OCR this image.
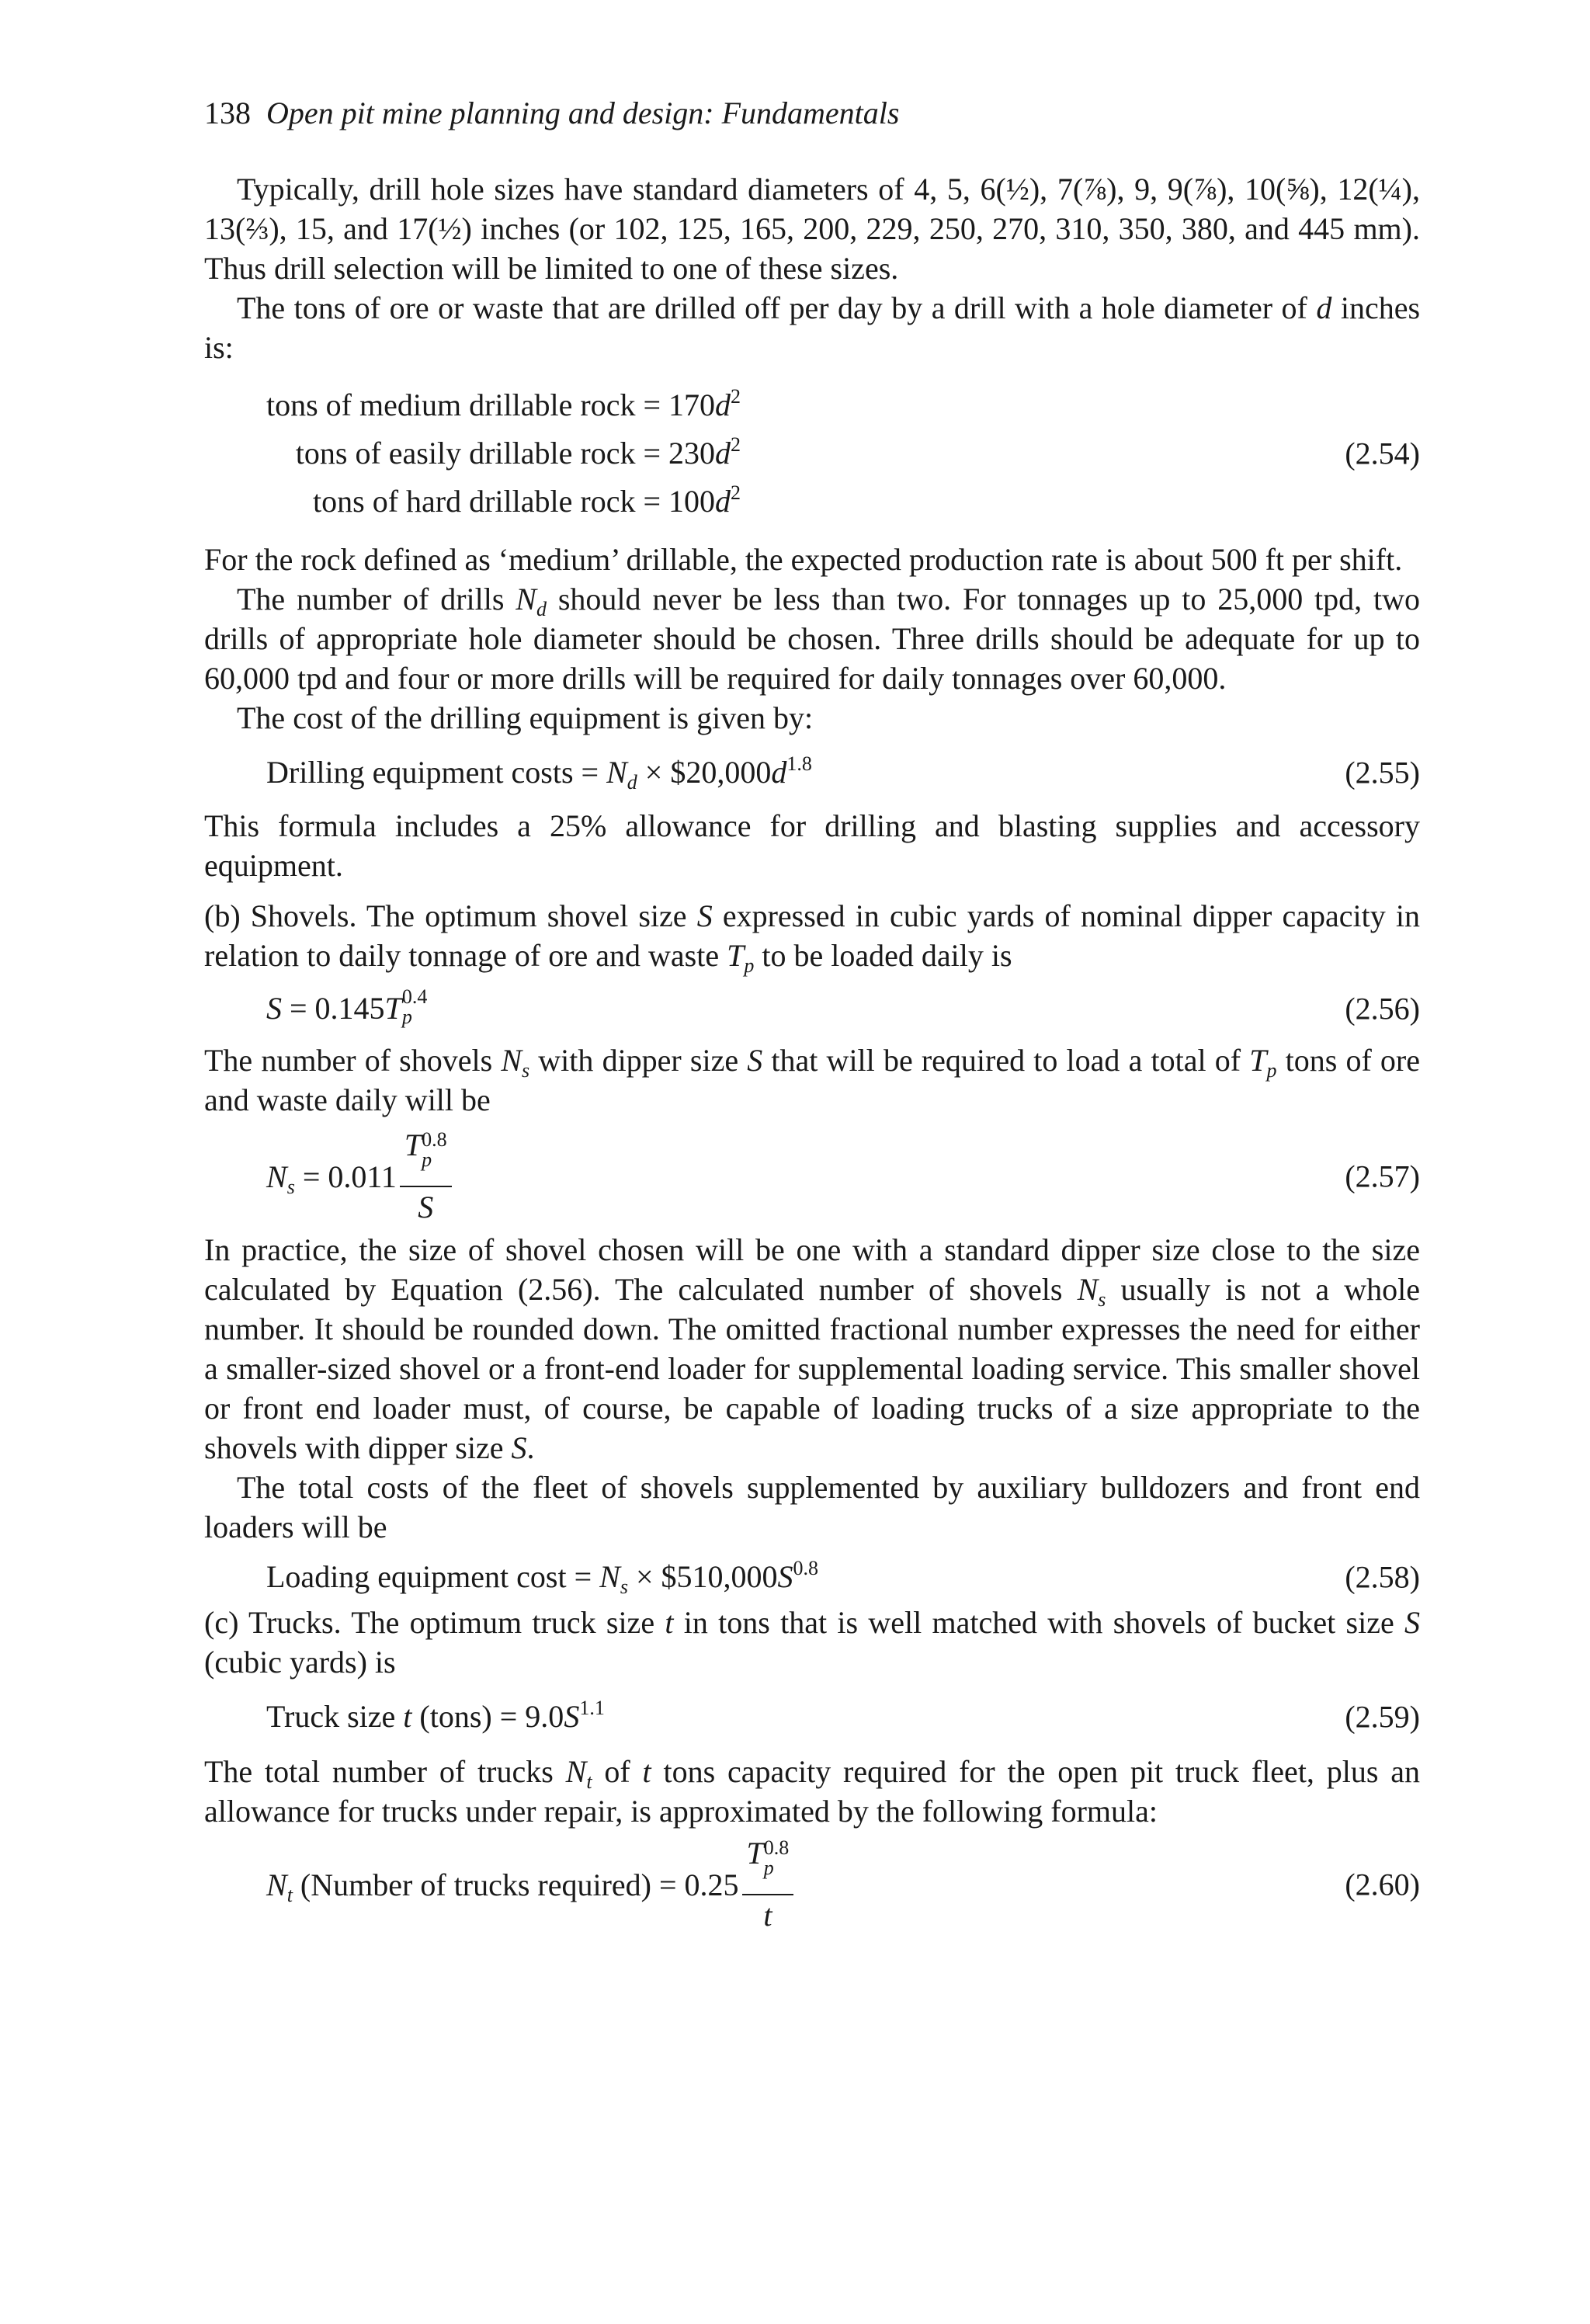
138 Open pit mine planning and design: Fundamentals

Typically, drill hole sizes have standard diameters of 4, 5, 6(½), 7(⅞), 9, 9(⅞), 10(⅝), 12(¼), 13(⅔), 15, and 17(½) inches (or 102, 125, 165, 200, 229, 250, 270, 310, 350, 380, and 445 mm). Thus drill selection will be limited to one of these sizes.

The tons of ore or waste that are drilled off per day by a drill with a hole diameter of d inches is:

tons of medium drillable rock = $170d^2$
tons of easily drillable rock = $230d^2$
tons of hard drillable rock = $100d^2$
(2.54)

For the rock defined as ‘medium’ drillable, the expected production rate is about 500 ft per shift.

The number of drills $N_d$ should never be less than two. For tonnages up to 25,000 tpd, two drills of appropriate hole diameter should be chosen. Three drills should be adequate for up to 60,000 tpd and four or more drills will be required for daily tonnages over 60,000.

The cost of the drilling equipment is given by:

Drilling equipment costs = $N_d$ × $\$20,000d^{1.8}$	(2.55)

This formula includes a 25% allowance for drilling and blasting supplies and accessory equipment.

(b) Shovels. The optimum shovel size S expressed in cubic yards of nominal dipper capacity in relation to daily tonnage of ore and waste $T_p$ to be loaded daily is

S = 0.145T 0.4
p	(2.56)

The number of shovels $N_s$ with dipper size S that will be required to load a total of $T_p$ tons of ore and waste daily will be

$N_s = 0.011$ T 0.8
p
S	(2.57)

In practice, the size of shovel chosen will be one with a standard dipper size close to the size calculated by Equation (2.56). The calculated number of shovels $N_s$ usually is not a whole number. It should be rounded down. The omitted fractional number expresses the need for either a smaller-sized shovel or a front-end loader for supplemental loading service. This smaller shovel or front end loader must, of course, be capable of loading trucks of a size appropriate to the shovels with dipper size S.

The total costs of the fleet of shovels supplemented by auxiliary bulldozers and front end loaders will be

Loading equipment $\cos t = N_s$ × $\$510,000S^{0.8}$	(2.58)

(c) Trucks. The optimum truck size t in tons that is well matched with shovels of bucket size S (cubic yards) is

Truck size t (tons) = $9.0S^{1.1}$	(2.59)

The total number of trucks $N_t$ of t tons capacity required for the open pit truck fleet, plus an allowance for trucks under repair, is approximated by the following formula:

$N_t$ (Number of trucks required) = 0.25 T 0.8
p
t	(2.60)
